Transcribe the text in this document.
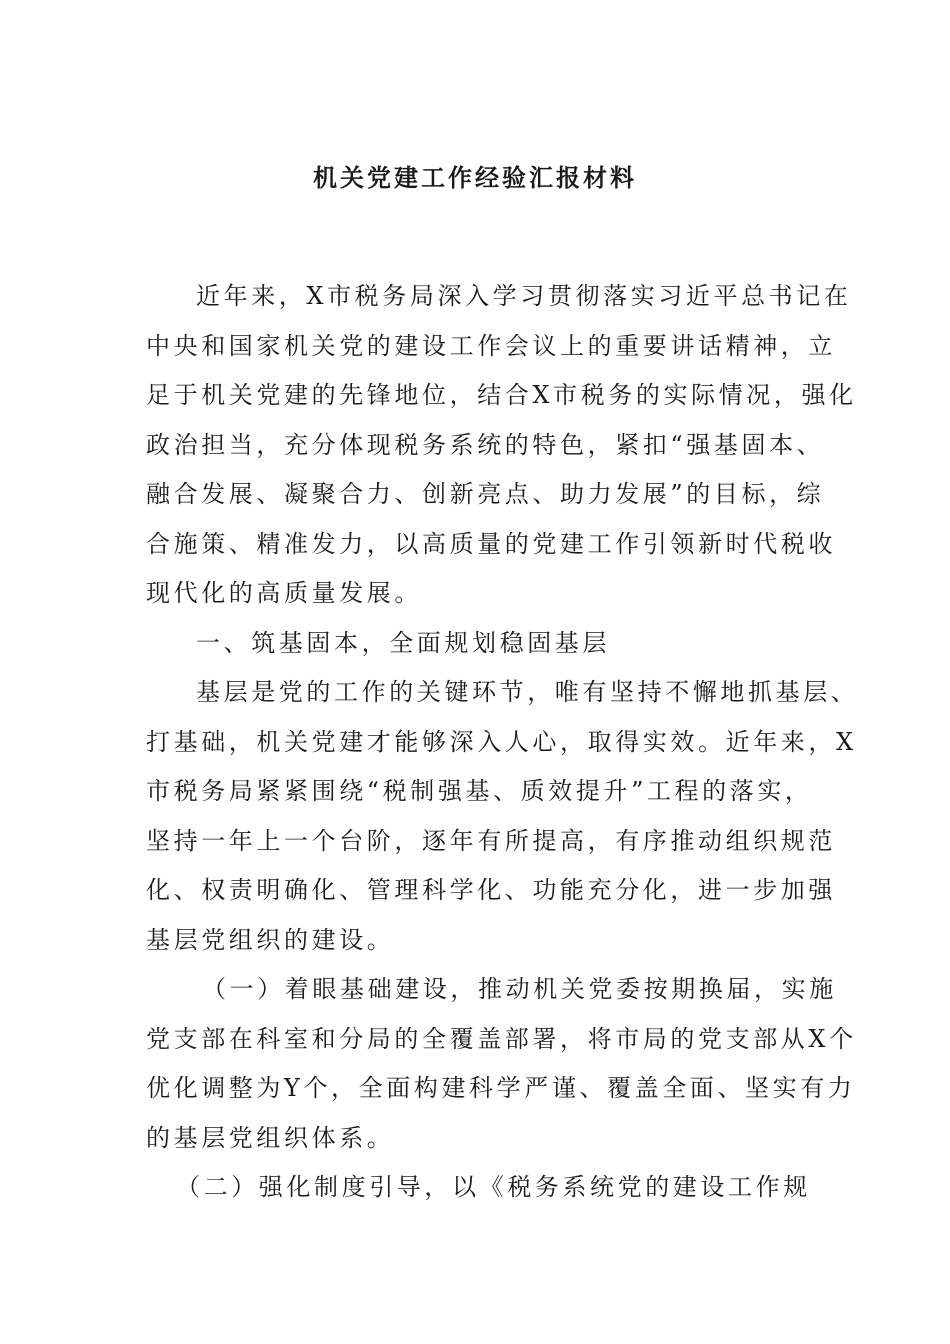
机关党建工作经验汇报材料
近年来，X市税务局深入学习贯彻落实习近平总书记在
中央和国家机关党的建设工作会议上的重要讲话精神，立
足于机关党建的先锋地位，结合X市税务的实际情况，强化
政治担当，充分体现税务系统的特色，紧扣“强基固本、
融合发展、凝聚合力、创新亮点、助力发展”的目标，综
合施策、精准发力，以高质量的党建工作引领新时代税收
现代化的高质量发展。
一、筑基固本，全面规划稳固基层
基层是党的工作的关键环节，唯有坚持不懈地抓基层、
打基础，机关党建才能够深入人心，取得实效。近年来，X
市税务局紧紧围绕“税制强基、质效提升”工程的落实，
坚持一年上一个台阶，逐年有所提高，有序推动组织规范
化、权责明确化、管理科学化、功能充分化，进一步加强
基层党组织的建设。
（一）着眼基础建设，推动机关党委按期换届，实施
党支部在科室和分局的全覆盖部署，将市局的党支部从X个
优化调整为Y个，全面构建科学严谨、覆盖全面、坚实有力
的基层党组织体系。
（二）强化制度引导，以《税务系统党的建设工作规
